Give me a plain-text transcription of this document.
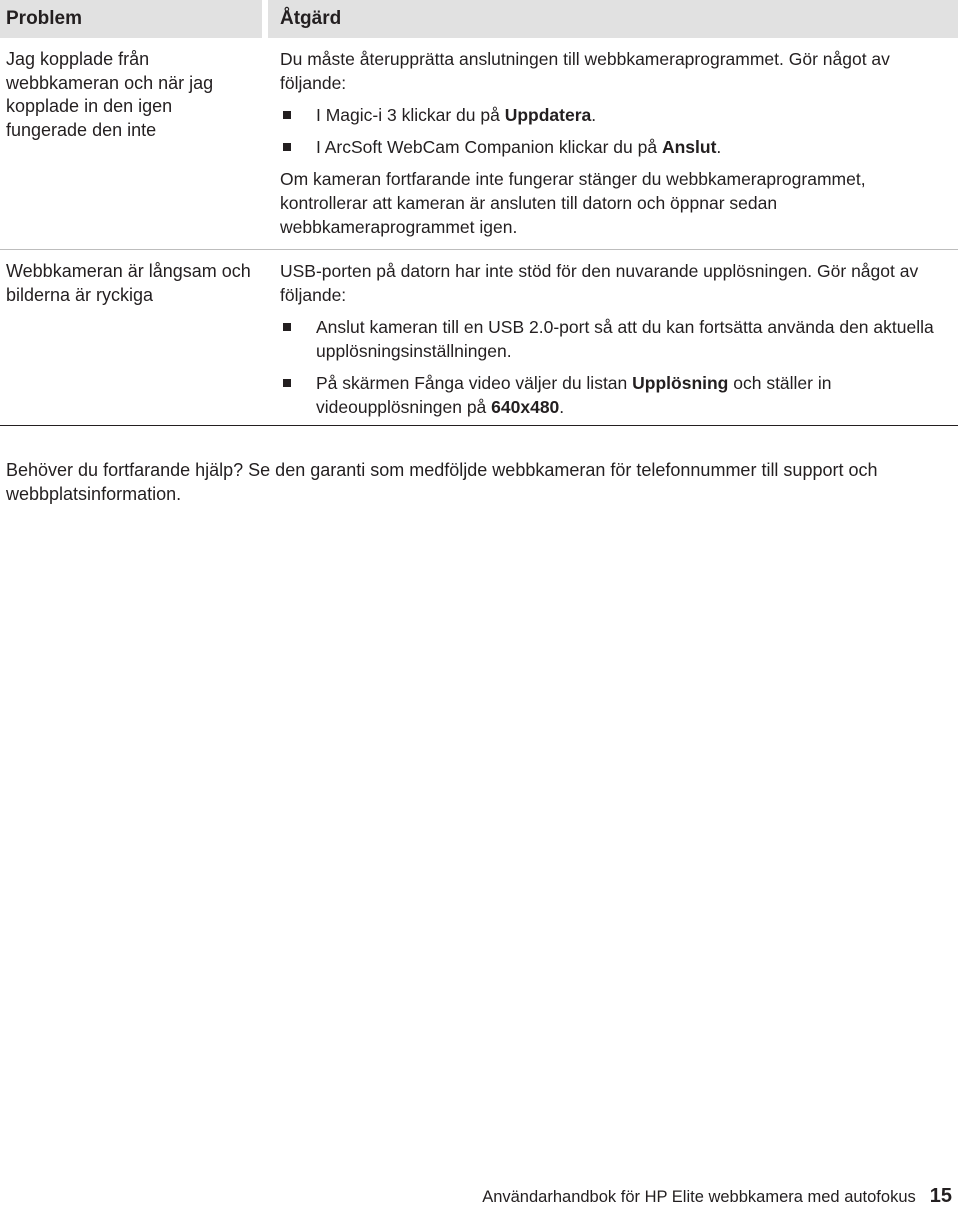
Problem	Åtgärd
Jag kopplade från webbkameran och när jag kopplade in den igen fungerade den inte

Du måste återupprätta anslutningen till webbkameraprogrammet. Gör något av följande:

I Magic-i 3 klickar du på Uppdatera.
I ArcSoft WebCam Companion klickar du på Anslut.

Om kameran fortfarande inte fungerar stänger du webbkameraprogrammet, kontrollerar att kameran är ansluten till datorn och öppnar sedan webbkameraprogrammet igen.

Webbkameran är långsam och bilderna är ryckiga

USB-porten på datorn har inte stöd för den nuvarande upplösningen. Gör något av följande:

Anslut kameran till en USB 2.0-port så att du kan fortsätta använda den aktuella upplösningsinställningen.
På skärmen Fånga video väljer du listan Upplösning och ställer in videoupplösningen på 640x480.

Behöver du fortfarande hjälp? Se den garanti som medföljde webbkameran för telefonnummer till support och webbplatsinformation.

Användarhandbok för HP Elite webbkamera med autofokus 15
